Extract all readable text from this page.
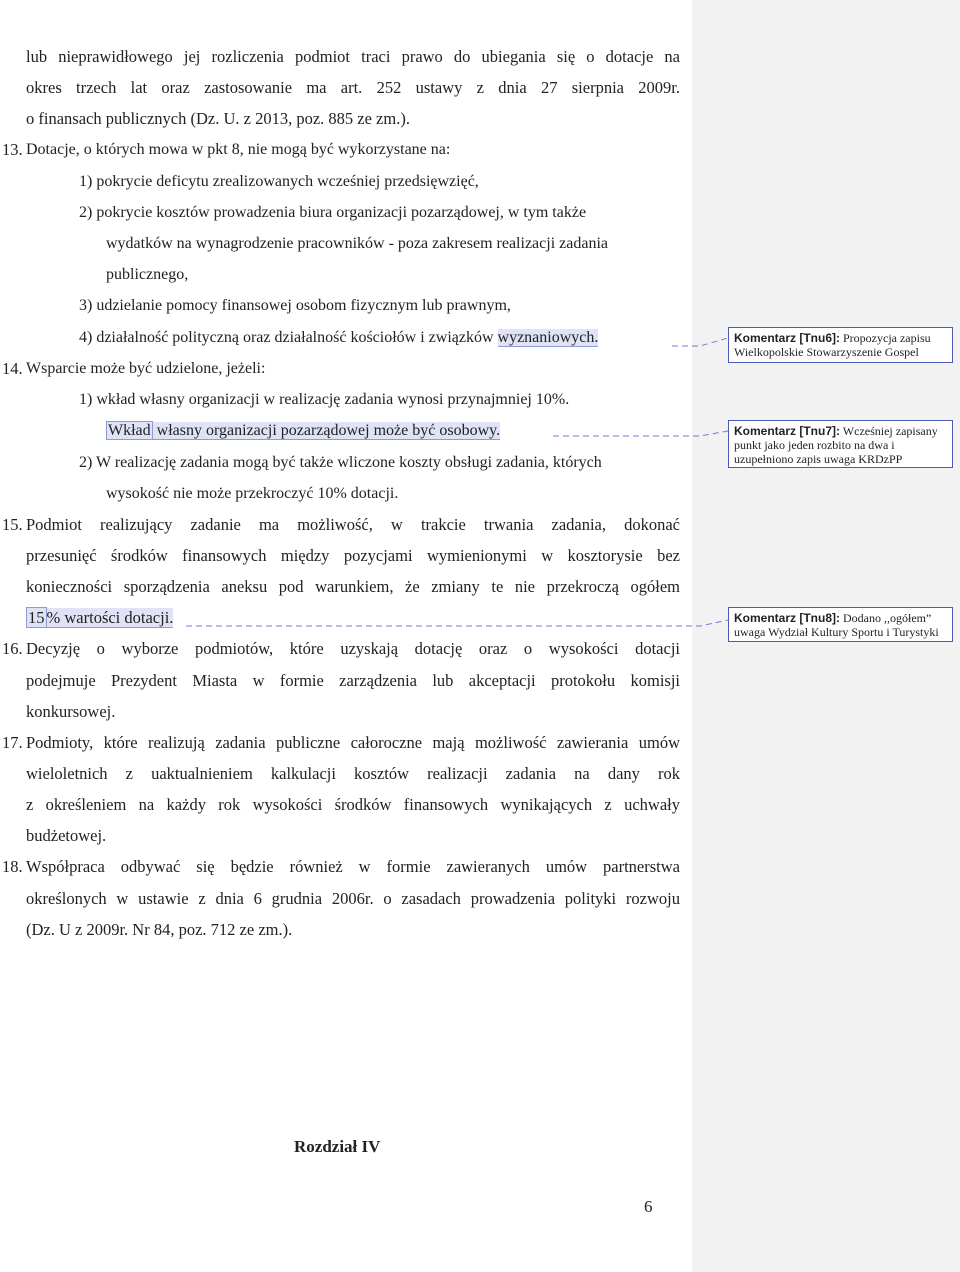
lub nieprawidłowego jej rozliczenia podmiot traci prawo do ubiegania się o dotacje na
okres trzech lat oraz zastosowanie ma art. 252 ustawy z dnia 27 sierpnia 2009r.
o finansach publicznych (Dz. U. z 2013, poz. 885 ze zm.).
13. Dotacje, o których mowa w pkt 8, nie mogą być wykorzystane na:
1) pokrycie deficytu zrealizowanych wcześniej przedsięwzięć,
2) pokrycie kosztów prowadzenia biura organizacji pozarządowej, w tym także
wydatków na wynagrodzenie pracowników - poza zakresem realizacji zadania
publicznego,
3) udzielanie pomocy finansowej osobom fizycznym lub prawnym,
4) działalność polityczną oraz działalność kościołów i związków wyznaniowych.
14. Wsparcie może być udzielone, jeżeli:
1) wkład własny organizacji w realizację zadania wynosi przynajmniej 10%.
Wkład własny organizacji pozarządowej może być osobowy.
2) W realizację zadania mogą być także wliczone koszty obsługi zadania, których
wysokość nie może przekroczyć 10% dotacji.
15. Podmiot realizujący zadanie ma możliwość, w trakcie trwania zadania, dokonać
przesunięć środków finansowych między pozycjami wymienionymi w kosztorysie bez
konieczności sporządzenia aneksu pod warunkiem, że zmiany te nie przekroczą ogółem
15 % wartości dotacji.
16. Decyzję o wyborze podmiotów, które uzyskają dotację oraz o wysokości dotacji
podejmuje Prezydent Miasta w formie zarządzenia lub akceptacji protokołu komisji
konkursowej.
17. Podmioty, które realizują zadania publiczne całoroczne mają możliwość zawierania umów
wieloletnich z uaktualnieniem kalkulacji kosztów realizacji zadania na dany rok
z określeniem na każdy rok wysokości środków finansowych wynikających z uchwały
budżetowej.
18. Współpraca odbywać się będzie również w formie zawieranych umów partnerstwa
określonych w ustawie z dnia 6 grudnia 2006r. o zasadach prowadzenia polityki rozwoju
(Dz. U z 2009r. Nr 84, poz. 712 ze zm.).
Rozdział IV
6
Komentarz [Tnu6]: Propozycja zapisu Wielkopolskie Stowarzyszenie Gospel
Komentarz [Tnu7]: Wcześniej zapisany punkt jako jeden rozbito na dwa i uzupełniono zapis uwaga KRDzPP
Komentarz [Tnu8]: Dodano ,,ogółem” uwaga Wydział Kultury Sportu i Turystyki
